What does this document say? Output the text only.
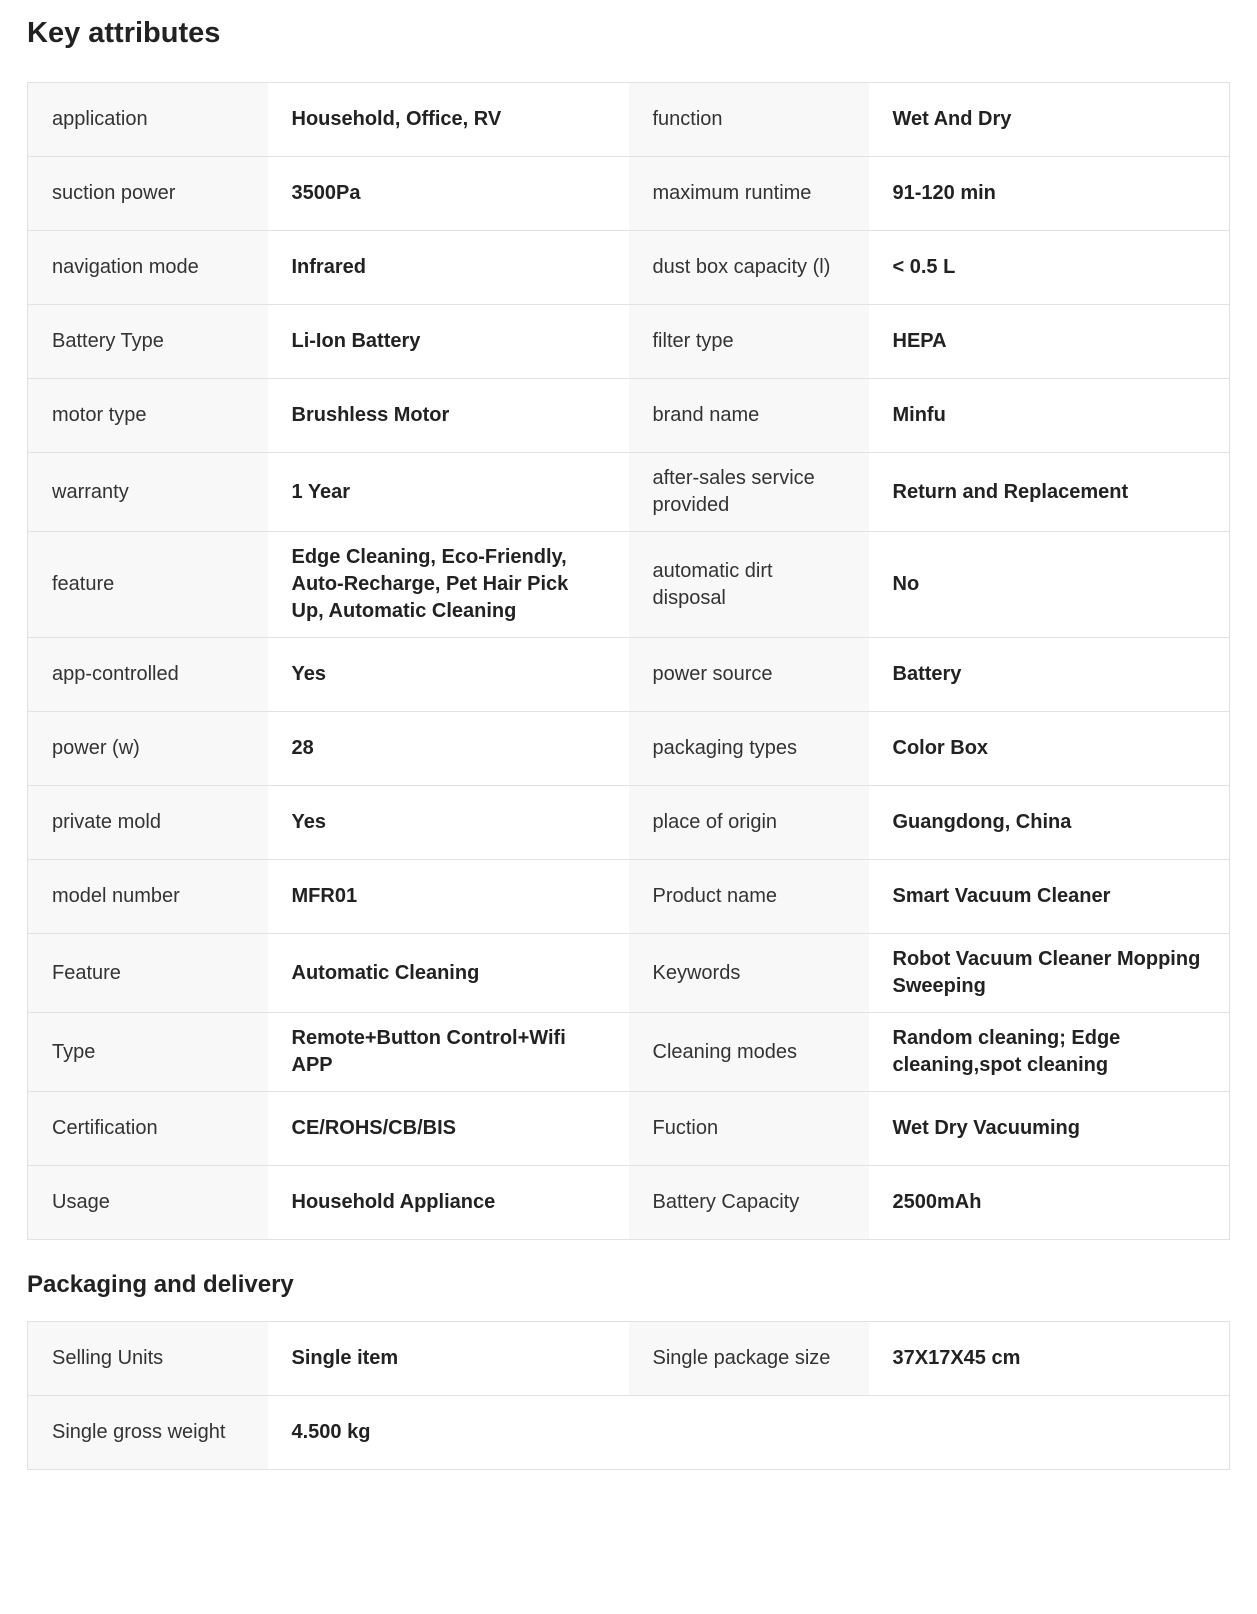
Key attributes
application	Household, Office, RV	function	Wet And Dry
suction power	3500Pa	maximum runtime	91-120 min
navigation mode	Infrared	dust box capacity (l)	< 0.5 L
Battery Type	Li-Ion Battery	filter type	HEPA
motor type	Brushless Motor	brand name	Minfu
warranty	1 Year	after-sales service provided	Return and Replacement
feature	Edge Cleaning, Eco-Friendly, Auto-Recharge, Pet Hair Pick Up, Automatic Cleaning	automatic dirt disposal	No
app-controlled	Yes	power source	Battery
power (w)	28	packaging types	Color Box
private mold	Yes	place of origin	Guangdong, China
model number	MFR01	Product name	Smart Vacuum Cleaner
Feature	Automatic Cleaning	Keywords	Robot Vacuum Cleaner Mopping Sweeping
Type	Remote+Button Control+Wifi APP	Cleaning modes	Random cleaning; Edge cleaning,spot cleaning
Certification	CE/ROHS/CB/BIS	Fuction	Wet Dry Vacuuming
Usage	Household Appliance	Battery Capacity	2500mAh
Packaging and delivery
Selling Units	Single item	Single package size	37X17X45 cm
Single gross weight	4.500 kg		
